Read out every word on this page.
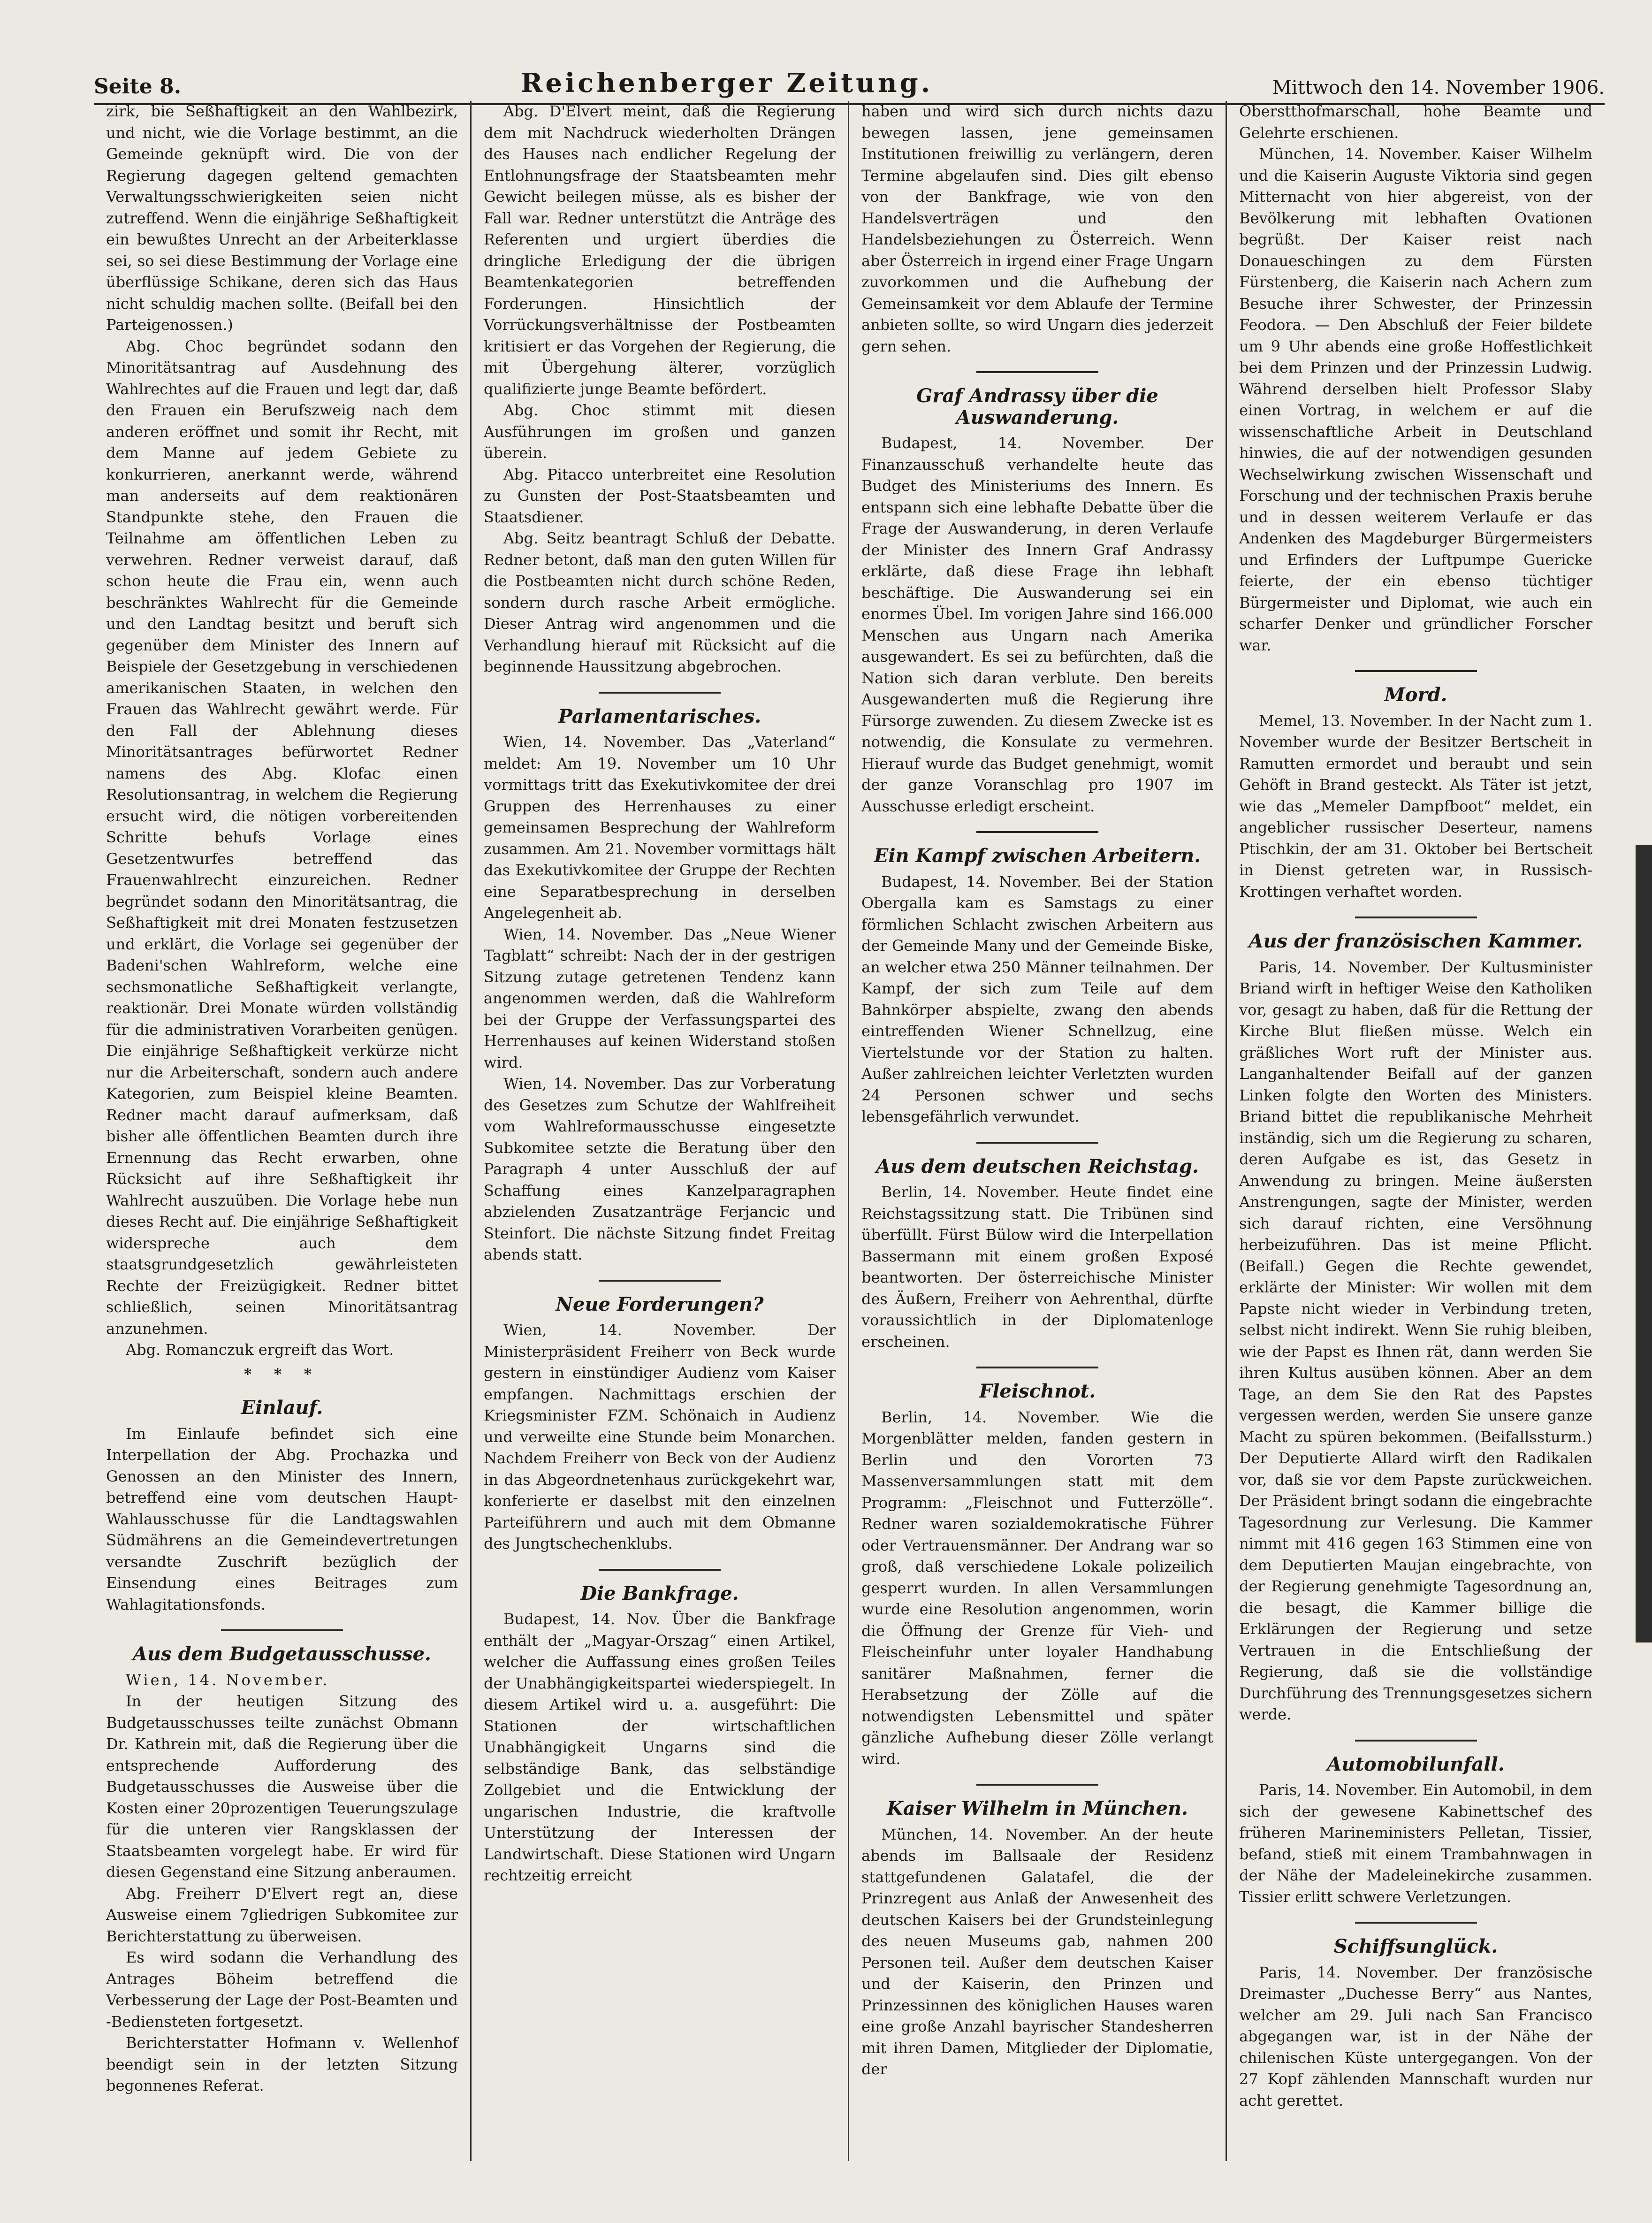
Seite 8.	Reichenberger Zeitung.	Mittwoch den 14. November 1906.

zirk, bie Seßhaftigkeit an den Wahlbezirk, und nicht, wie die Vorlage bestimmt, an die Gemeinde geknüpft wird. Die von der Regierung dagegen geltend gemachten Verwaltungsschwierigkeiten seien nicht zutreffend. Wenn die einjährige Seßhaftigkeit ein bewußtes Unrecht an der Arbeiterklasse sei, so sei diese Bestimmung der Vorlage eine überflüssige Schikane, deren sich das Haus nicht schuldig machen sollte. (Beifall bei den Parteigenossen.)

Abg. Choc begründet sodann den Minoritätsantrag auf Ausdehnung des Wahlrechtes auf die Frauen und legt dar, daß den Frauen ein Berufszweig nach dem anderen eröffnet und somit ihr Recht, mit dem Manne auf jedem Gebiete zu konkurrieren, anerkannt werde, während man anderseits auf dem reaktionären Standpunkte stehe, den Frauen die Teilnahme am öffentlichen Leben zu verwehren. Redner verweist darauf, daß schon heute die Frau ein, wenn auch beschränktes Wahlrecht für die Gemeinde und den Landtag besitzt und beruft sich gegenüber dem Minister des Innern auf Beispiele der Gesetzgebung in verschiedenen amerikanischen Staaten, in welchen den Frauen das Wahlrecht gewährt werde. Für den Fall der Ablehnung dieses Minoritätsantrages befürwortet Redner namens des Abg. Klofac einen Resolutionsantrag, in welchem die Regierung ersucht wird, die nötigen vorbereitenden Schritte behufs Vorlage eines Gesetzentwurfes betreffend das Frauenwahlrecht einzureichen. Redner begründet sodann den Minoritätsantrag, die Seßhaftigkeit mit drei Monaten festzusetzen und erklärt, die Vorlage sei gegenüber der Badeni'schen Wahlreform, welche eine sechsmonatliche Seßhaftigkeit verlangte, reaktionär. Drei Monate würden vollständig für die administrativen Vorarbeiten genügen. Die einjährige Seßhaftigkeit verkürze nicht nur die Arbeiterschaft, sondern auch andere Kategorien, zum Beispiel kleine Beamten. Redner macht darauf aufmerksam, daß bisher alle öffentlichen Beamten durch ihre Ernennung das Recht erwarben, ohne Rücksicht auf ihre Seßhaftigkeit ihr Wahlrecht auszuüben. Die Vorlage hebe nun dieses Recht auf. Die einjährige Seßhaftigkeit widerspreche auch dem staatsgrundgesetzlich gewährleisteten Rechte der Freizügigkeit. Redner bittet schließlich, seinen Minoritätsantrag anzunehmen.

Abg. Romanczuk ergreift das Wort.

* * *
Einlauf.

Im Einlaufe befindet sich eine Interpellation der Abg. Prochazka und Genossen an den Minister des Innern, betreffend eine vom deutschen Haupt-Wahlausschusse für die Landtagswahlen Südmährens an die Gemeindevertretungen versandte Zuschrift bezüglich der Einsendung eines Beitrages zum Wahlagitationsfonds.

Aus dem Budgetausschusse.

Wien, 14. November.

In der heutigen Sitzung des Budgetausschusses teilte zunächst Obmann Dr. Kathrein mit, daß die Regierung über die entsprechende Aufforderung des Budgetausschusses die Ausweise über die Kosten einer 20prozentigen Teuerungszulage für die unteren vier Rangsklassen der Staatsbeamten vorgelegt habe. Er wird für diesen Gegenstand eine Sitzung anberaumen.

Abg. Freiherr D'Elvert regt an, diese Ausweise einem 7gliedrigen Subkomitee zur Berichterstattung zu überweisen.

Es wird sodann die Verhandlung des Antrages Böheim betreffend die Verbesserung der Lage der Post-Beamten und -Bediensteten fortgesetzt.

Berichterstatter Hofmann v. Wellenhof beendigt sein in der letzten Sitzung begonnenes Referat.

Abg. D'Elvert meint, daß die Regierung dem mit Nachdruck wiederholten Drängen des Hauses nach endlicher Regelung der Entlohnungsfrage der Staatsbeamten mehr Gewicht beilegen müsse, als es bisher der Fall war. Redner unterstützt die Anträge des Referenten und urgiert überdies die dringliche Erledigung der die übrigen Beamtenkategorien betreffenden Forderungen. Hinsichtlich der Vorrückungsverhältnisse der Postbeamten kritisiert er das Vorgehen der Regierung, die mit Übergehung älterer, vorzüglich qualifizierte junge Beamte befördert.

Abg. Choc stimmt mit diesen Ausführungen im großen und ganzen überein.

Abg. Pitacco unterbreitet eine Resolution zu Gunsten der Post-Staatsbeamten und Staatsdiener.

Abg. Seitz beantragt Schluß der Debatte. Redner betont, daß man den guten Willen für die Postbeamten nicht durch schöne Reden, sondern durch rasche Arbeit ermögliche. Dieser Antrag wird angenommen und die Verhandlung hierauf mit Rücksicht auf die beginnende Haussitzung abgebrochen.

Parlamentarisches.

Wien, 14. November. Das „Vaterland“ meldet: Am 19. November um 10 Uhr vormittags tritt das Exekutivkomitee der drei Gruppen des Herrenhauses zu einer gemeinsamen Besprechung der Wahlreform zusammen. Am 21. November vormittags hält das Exekutivkomitee der Gruppe der Rechten eine Separatbesprechung in derselben Angelegenheit ab.

Wien, 14. November. Das „Neue Wiener Tagblatt“ schreibt: Nach der in der gestrigen Sitzung zutage getretenen Tendenz kann angenommen werden, daß die Wahlreform bei der Gruppe der Verfassungspartei des Herrenhauses auf keinen Widerstand stoßen wird.

Wien, 14. November. Das zur Vorberatung des Gesetzes zum Schutze der Wahlfreiheit vom Wahlreformausschusse eingesetzte Subkomitee setzte die Beratung über den Paragraph 4 unter Ausschluß der auf Schaffung eines Kanzelparagraphen abzielenden Zusatzanträge Ferjancic und Steinfort. Die nächste Sitzung findet Freitag abends statt.

Neue Forderungen?

Wien, 14. November. Der Ministerpräsident Freiherr von Beck wurde gestern in einstündiger Audienz vom Kaiser empfangen. Nachmittags erschien der Kriegsminister FZM. Schönaich in Audienz und verweilte eine Stunde beim Monarchen. Nachdem Freiherr von Beck von der Audienz in das Abgeordnetenhaus zurückgekehrt war, konferierte er daselbst mit den einzelnen Parteiführern und auch mit dem Obmanne des Jungtschechenklubs.

Die Bankfrage.

Budapest, 14. Nov. Über die Bankfrage enthält der „Magyar-Orszag“ einen Artikel, welcher die Auffassung eines großen Teiles der Unabhängigkeitspartei wiederspiegelt. In diesem Artikel wird u. a. ausgeführt: Die Stationen der wirtschaftlichen Unabhängigkeit Ungarns sind die selbständige Bank, das selbständige Zollgebiet und die Entwicklung der ungarischen Industrie, die kraftvolle Unterstützung der Interessen der Landwirtschaft. Diese Stationen wird Ungarn rechtzeitig erreicht

haben und wird sich durch nichts dazu bewegen lassen, jene gemeinsamen Institutionen freiwillig zu verlängern, deren Termine abgelaufen sind. Dies gilt ebenso von der Bankfrage, wie von den Handelsverträgen und den Handelsbeziehungen zu Österreich. Wenn aber Österreich in irgend einer Frage Ungarn zuvorkommen und die Aufhebung der Gemeinsamkeit vor dem Ablaufe der Termine anbieten sollte, so wird Ungarn dies jederzeit gern sehen.

Graf Andrassy über die Auswanderung.

Budapest, 14. November. Der Finanzausschuß verhandelte heute das Budget des Ministeriums des Innern. Es entspann sich eine lebhafte Debatte über die Frage der Auswanderung, in deren Verlaufe der Minister des Innern Graf Andrassy erklärte, daß diese Frage ihn lebhaft beschäftige. Die Auswanderung sei ein enormes Übel. Im vorigen Jahre sind 166.000 Menschen aus Ungarn nach Amerika ausgewandert. Es sei zu befürchten, daß die Nation sich daran verblute. Den bereits Ausgewanderten muß die Regierung ihre Fürsorge zuwenden. Zu diesem Zwecke ist es notwendig, die Konsulate zu vermehren. Hierauf wurde das Budget genehmigt, womit der ganze Voranschlag pro 1907 im Ausschusse erledigt erscheint.

Ein Kampf zwischen Arbeitern.

Budapest, 14. November. Bei der Station Obergalla kam es Samstags zu einer förmlichen Schlacht zwischen Arbeitern aus der Gemeinde Many und der Gemeinde Biske, an welcher etwa 250 Männer teilnahmen. Der Kampf, der sich zum Teile auf dem Bahnkörper abspielte, zwang den abends eintreffenden Wiener Schnellzug, eine Viertelstunde vor der Station zu halten. Außer zahlreichen leichter Verletzten wurden 24 Personen schwer und sechs lebensgefährlich verwundet.

Aus dem deutschen Reichstag.

Berlin, 14. November. Heute findet eine Reichstagssitzung statt. Die Tribünen sind überfüllt. Fürst Bülow wird die Interpellation Bassermann mit einem großen Exposé beantworten. Der österreichische Minister des Äußern, Freiherr von Aehrenthal, dürfte voraussichtlich in der Diplomatenloge erscheinen.

Fleischnot.

Berlin, 14. November. Wie die Morgenblätter melden, fanden gestern in Berlin und den Vororten 73 Massenversammlungen statt mit dem Programm: „Fleischnot und Futterzölle“. Redner waren sozialdemokratische Führer oder Vertrauensmänner. Der Andrang war so groß, daß verschiedene Lokale polizeilich gesperrt wurden. In allen Versammlungen wurde eine Resolution angenommen, worin die Öffnung der Grenze für Vieh- und Fleischeinfuhr unter loyaler Handhabung sanitärer Maßnahmen, ferner die Herabsetzung der Zölle auf die notwendigsten Lebensmittel und später gänzliche Aufhebung dieser Zölle verlangt wird.

Kaiser Wilhelm in München.

München, 14. November. An der heute abends im Ballsaale der Residenz stattgefundenen Galatafel, die der Prinzregent aus Anlaß der Anwesenheit des deutschen Kaisers bei der Grundsteinlegung des neuen Museums gab, nahmen 200 Personen teil. Außer dem deutschen Kaiser und der Kaiserin, den Prinzen und Prinzessinnen des königlichen Hauses waren eine große Anzahl bayrischer Standesherren mit ihren Damen, Mitglieder der Diplomatie, der

Oberstthofmarschall, hohe Beamte und Gelehrte erschienen.

München, 14. November. Kaiser Wilhelm und die Kaiserin Auguste Viktoria sind gegen Mitternacht von hier abgereist, von der Bevölkerung mit lebhaften Ovationen begrüßt. Der Kaiser reist nach Donaueschingen zu dem Fürsten Fürstenberg, die Kaiserin nach Achern zum Besuche ihrer Schwester, der Prinzessin Feodora. — Den Abschluß der Feier bildete um 9 Uhr abends eine große Hoffestlichkeit bei dem Prinzen und der Prinzessin Ludwig. Während derselben hielt Professor Slaby einen Vortrag, in welchem er auf die wissenschaftliche Arbeit in Deutschland hinwies, die auf der notwendigen gesunden Wechselwirkung zwischen Wissenschaft und Forschung und der technischen Praxis beruhe und in dessen weiterem Verlaufe er das Andenken des Magdeburger Bürgermeisters und Erfinders der Luftpumpe Guericke feierte, der ein ebenso tüchtiger Bürgermeister und Diplomat, wie auch ein scharfer Denker und gründlicher Forscher war.

Mord.

Memel, 13. November. In der Nacht zum 1. November wurde der Besitzer Bertscheit in Ramutten ermordet und beraubt und sein Gehöft in Brand gesteckt. Als Täter ist jetzt, wie das „Memeler Dampfboot“ meldet, ein angeblicher russischer Deserteur, namens Ptischkin, der am 31. Oktober bei Bertscheit in Dienst getreten war, in Russisch-Krottingen verhaftet worden.

Aus der französischen Kammer.

Paris, 14. November. Der Kultusminister Briand wirft in heftiger Weise den Katholiken vor, gesagt zu haben, daß für die Rettung der Kirche Blut fließen müsse. Welch ein gräßliches Wort ruft der Minister aus. Langanhaltender Beifall auf der ganzen Linken folgte den Worten des Ministers. Briand bittet die republikanische Mehrheit inständig, sich um die Regierung zu scharen, deren Aufgabe es ist, das Gesetz in Anwendung zu bringen. Meine äußersten Anstrengungen, sagte der Minister, werden sich darauf richten, eine Versöhnung herbeizuführen. Das ist meine Pflicht. (Beifall.) Gegen die Rechte gewendet, erklärte der Minister: Wir wollen mit dem Papste nicht wieder in Verbindung treten, selbst nicht indirekt. Wenn Sie ruhig bleiben, wie der Papst es Ihnen rät, dann werden Sie ihren Kultus ausüben können. Aber an dem Tage, an dem Sie den Rat des Papstes vergessen werden, werden Sie unsere ganze Macht zu spüren bekommen. (Beifallssturm.) Der Deputierte Allard wirft den Radikalen vor, daß sie vor dem Papste zurückweichen. Der Präsident bringt sodann die eingebrachte Tagesordnung zur Verlesung. Die Kammer nimmt mit 416 gegen 163 Stimmen eine von dem Deputierten Maujan eingebrachte, von der Regierung genehmigte Tagesordnung an, die besagt, die Kammer billige die Erklärungen der Regierung und setze Vertrauen in die Entschließung der Regierung, daß sie die vollständige Durchführung des Trennungsgesetzes sichern werde.

Automobilunfall.

Paris, 14. November. Ein Automobil, in dem sich der gewesene Kabinettschef des früheren Marineministers Pelletan, Tissier, befand, stieß mit einem Trambahnwagen in der Nähe der Madeleinekirche zusammen. Tissier erlitt schwere Verletzungen.

Schiffsunglück.

Paris, 14. November. Der französische Dreimaster „Duchesse Berry“ aus Nantes, welcher am 29. Juli nach San Francisco abgegangen war, ist in der Nähe der chilenischen Küste untergegangen. Von der 27 Kopf zählenden Mannschaft wurden nur acht gerettet.
